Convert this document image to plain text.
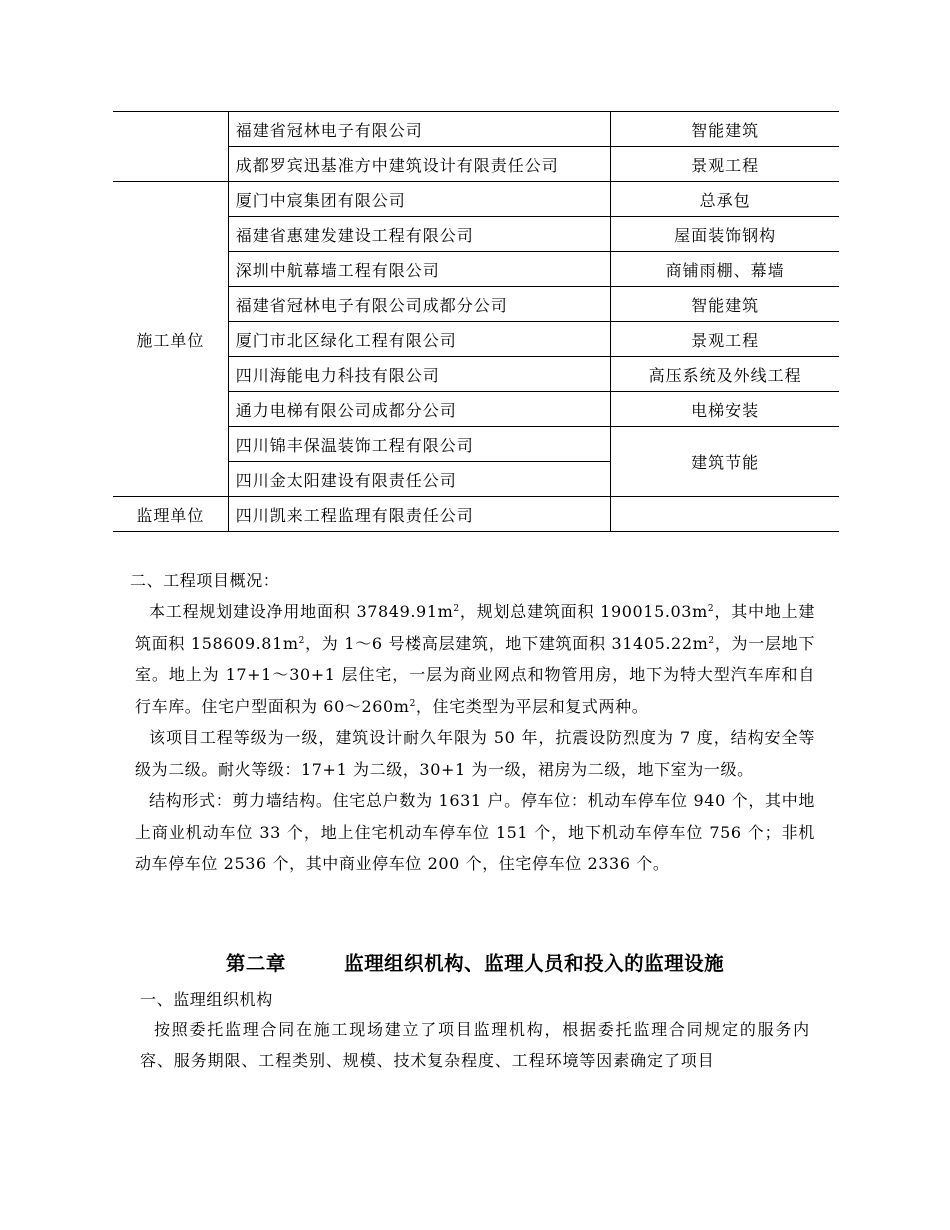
	福建省冠林电子有限公司	智能建筑
	成都罗宾迅基准方中建筑设计有限责任公司	景观工程
施工单位	厦门中宸集团有限公司	总承包
	福建省惠建发建设工程有限公司	屋面装饰钢构
	深圳中航幕墙工程有限公司	商铺雨棚、幕墙
	福建省冠林电子有限公司成都分公司	智能建筑
	厦门市北区绿化工程有限公司	景观工程
	四川海能电力科技有限公司	高压系统及外线工程
	通力电梯有限公司成都分公司	电梯安装
	四川锦丰保温装饰工程有限公司	建筑节能
	四川金太阳建设有限责任公司	
监理单位	四川凯来工程监理有限责任公司	
二、工程项目概况：

本工程规划建设净用地面积 $37849.91m^2$，规划总建筑面积 $190015.03m^2$，其中地上建筑面积 $158609.81m^2$，为 1～6 号楼高层建筑，地下建筑面积 $31405.22m^2$，为一层地下室。地上为 17+1～30+1 层住宅，一层为商业网点和物管用房，地下为特大型汽车库和自行车库。住宅户型面积为 $60\sim 260m^2$，住宅类型为平层和复式两种。

该项目工程等级为一级，建筑设计耐久年限为 50 年，抗震设防烈度为 7 度，结构安全等级为二级。耐火等级：17+1 为二级，30+1 为一级，裙房为二级，地下室为一级。

结构形式：剪力墙结构。住宅总户数为 1631 户。停车位：机动车停车位 940 个，其中地上商业机动车位 33 个，地上住宅机动车停车位 151 个，地下机动车停车位 756 个；非机动车停车位 2536 个，其中商业停车位 200 个，住宅停车位 2336 个。

第二章	监理组织机构、监理人员和投入的监理设施
一、监理组织机构

按照委托监理合同在施工现场建立了项目监理机构，根据委托监理合同规定的服务内容、服务期限、工程类别、规模、技术复杂程度、工程环境等因素确定了项目
